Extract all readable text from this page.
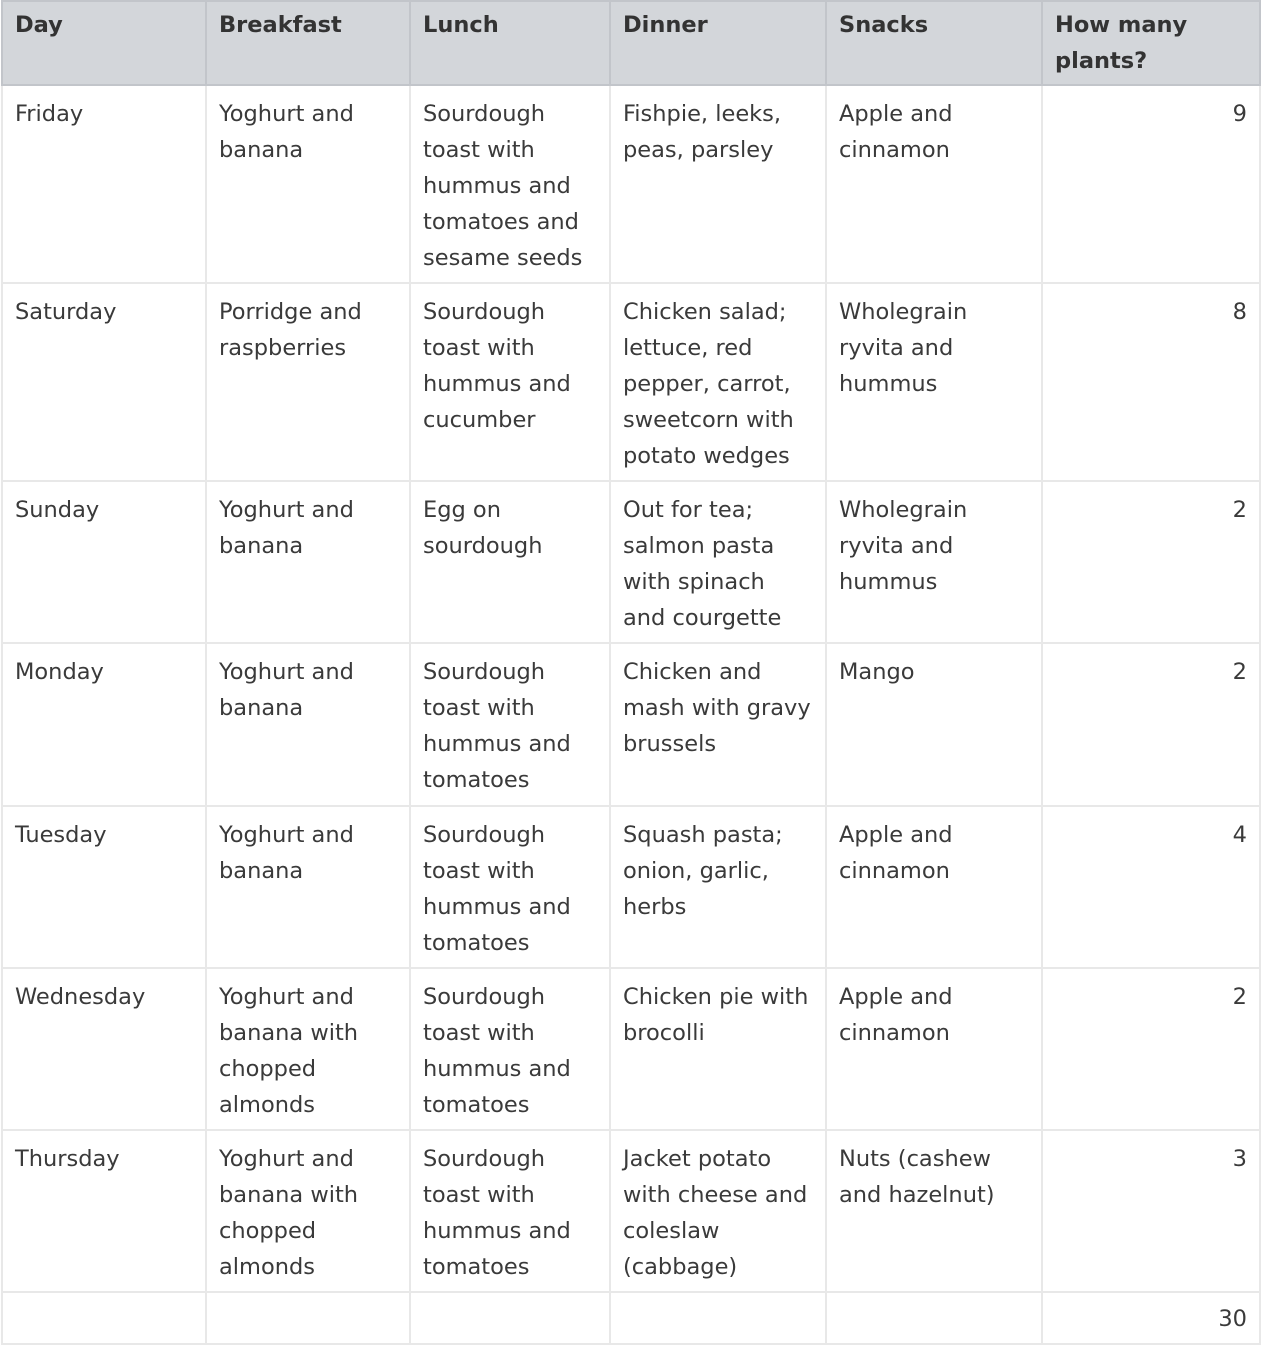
Day	Breakfast	Lunch	Dinner	Snacks	How many plants?
Friday	Yoghurt and banana	Sourdough toast with hummus and tomatoes and sesame seeds	Fishpie, leeks, peas, parsley	Apple and cinnamon	9
Saturday	Porridge and raspberries	Sourdough toast with hummus and cucumber	Chicken salad; lettuce, red pepper, carrot, sweetcorn with potato wedges	Wholegrain ryvita and hummus	8
Sunday	Yoghurt and banana	Egg on sourdough	Out for tea; salmon pasta with spinach and courgette	Wholegrain ryvita and hummus	2
Monday	Yoghurt and banana	Sourdough toast with hummus and tomatoes	Chicken and mash with gravy brussels	Mango	2
Tuesday	Yoghurt and banana	Sourdough toast with hummus and tomatoes	Squash pasta; onion, garlic, herbs	Apple and cinnamon	4
Wednesday	Yoghurt and banana with chopped almonds	Sourdough toast with hummus and tomatoes	Chicken pie with brocolli	Apple and cinnamon	2
Thursday	Yoghurt and banana with chopped almonds	Sourdough toast with hummus and tomatoes	Jacket potato with cheese and coleslaw (cabbage)	Nuts (cashew and hazelnut)	3
					30
